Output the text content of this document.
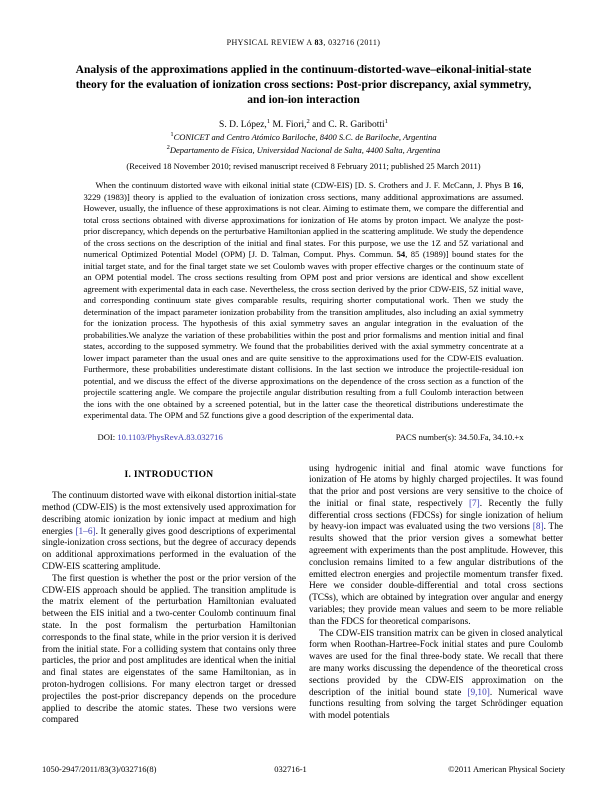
PHYSICAL REVIEW A 83, 032716 (2011)
Analysis of the approximations applied in the continuum-distorted-wave–eikonal-initial-state
theory for the evaluation of ionization cross sections: Post-prior discrepancy, axial symmetry,
and ion-ion interaction
S. D. López,$^1$ M. Fiori,$^2$ and C. R. Garibotti$^1$
$^1$CONICET and Centro Atómico Bariloche, 8400 S.C. de Bariloche, Argentina
$^2$Departamento de Física, Universidad Nacional de Salta, 4400 Salta, Argentina
(Received 18 November 2010; revised manuscript received 8 February 2011; published 25 March 2011)

When the continuum distorted wave with eikonal initial state (CDW-EIS) [D. S. Crothers and J. F. McCann, J. Phys B 16, 3229 (1983)] theory is applied to the evaluation of ionization cross sections, many additional approximations are assumed. However, usually, the influence of these approximations is not clear. Aiming to estimate them, we compare the differential and total cross sections obtained with diverse approximations for ionization of He atoms by proton impact. We analyze the post-prior discrepancy, which depends on the perturbative Hamiltonian applied in the scattering amplitude. We study the dependence of the cross sections on the description of the initial and final states. For this purpose, we use the 1Z and 5Z variational and numerical Optimized Potential Model (OPM) [J. D. Talman, Comput. Phys. Commun. 54, 85 (1989)] bound states for the initial target state, and for the final target state we set Coulomb waves with proper effective charges or the continuum state of an OPM potential model. The cross sections resulting from OPM post and prior versions are identical and show excellent agreement with experimental data in each case. Nevertheless, the cross section derived by the prior CDW-EIS, 5Z initial wave, and corresponding continuum state gives comparable results, requiring shorter computational work. Then we study the determination of the impact parameter ionization probability from the transition amplitudes, also including an axial symmetry for the ionization process. The hypothesis of this axial symmetry saves an angular integration in the evaluation of the probabilities.We analyze the variation of these probabilities within the post and prior formalisms and mention initial and final states, according to the supposed symmetry. We found that the probabilities derived with the axial symmetry concentrate at a lower impact parameter than the usual ones and are quite sensitive to the approximations used for the CDW-EIS evaluation. Furthermore, these probabilities underestimate distant collisions. In the last section we introduce the projectile-residual ion potential, and we discuss the effect of the diverse approximations on the dependence of the cross section as a function of the projectile scattering angle. We compare the projectile angular distribution resulting from a full Coulomb interaction between the ions with the one obtained by a screened potential, but in the latter case the theoretical distributions underestimate the experimental data. The OPM and 5Z functions give a good description of the experimental data.

DOI: 10.1103/PhysRevA.83.032716	PACS number(s): 34.50.Fa, 34.10.+x
I. INTRODUCTION

The continuum distorted wave with eikonal distortion initial-state method (CDW-EIS) is the most extensively used approximation for describing atomic ionization by ionic impact at medium and high energies [1–6]. It generally gives good descriptions of experimental single-ionization cross sections, but the degree of accuracy depends on additional approximations performed in the evaluation of the CDW-EIS scattering amplitude.

The first question is whether the post or the prior version of the CDW-EIS approach should be applied. The transition amplitude is the matrix element of the perturbation Hamiltonian evaluated between the EIS initial and a two-center Coulomb continuum final state. In the post formalism the perturbation Hamiltonian corresponds to the final state, while in the prior version it is derived from the initial state. For a colliding system that contains only three particles, the prior and post amplitudes are identical when the initial and final states are eigenstates of the same Hamiltonian, as in proton-hydrogen collisions. For many electron target or dressed projectiles the post-prior discrepancy depends on the procedure applied to describe the atomic states. These two versions were compared

using hydrogenic initial and final atomic wave functions for ionization of He atoms by highly charged projectiles. It was found that the prior and post versions are very sensitive to the choice of the initial or final state, respectively [7]. Recently the fully differential cross sections (FDCSs) for single ionization of helium by heavy-ion impact was evaluated using the two versions [8]. The results showed that the prior version gives a somewhat better agreement with experiments than the post amplitude. However, this conclusion remains limited to a few angular distributions of the emitted electron energies and projectile momentum transfer fixed. Here we consider double-differential and total cross sections (TCSs), which are obtained by integration over angular and energy variables; they provide mean values and seem to be more reliable than the FDCS for theoretical comparisons.

The CDW-EIS transition matrix can be given in closed analytical form when Roothan-Hartree-Fock initial states and pure Coulomb waves are used for the final three-body state. We recall that there are many works discussing the dependence of the theoretical cross sections provided by the CDW-EIS approximation on the description of the initial bound state [9,10]. Numerical wave functions resulting from solving the target Schrödinger equation with model potentials

1050-2947/2011/83(3)/032716(8)	032716-1	©2011 American Physical Society
